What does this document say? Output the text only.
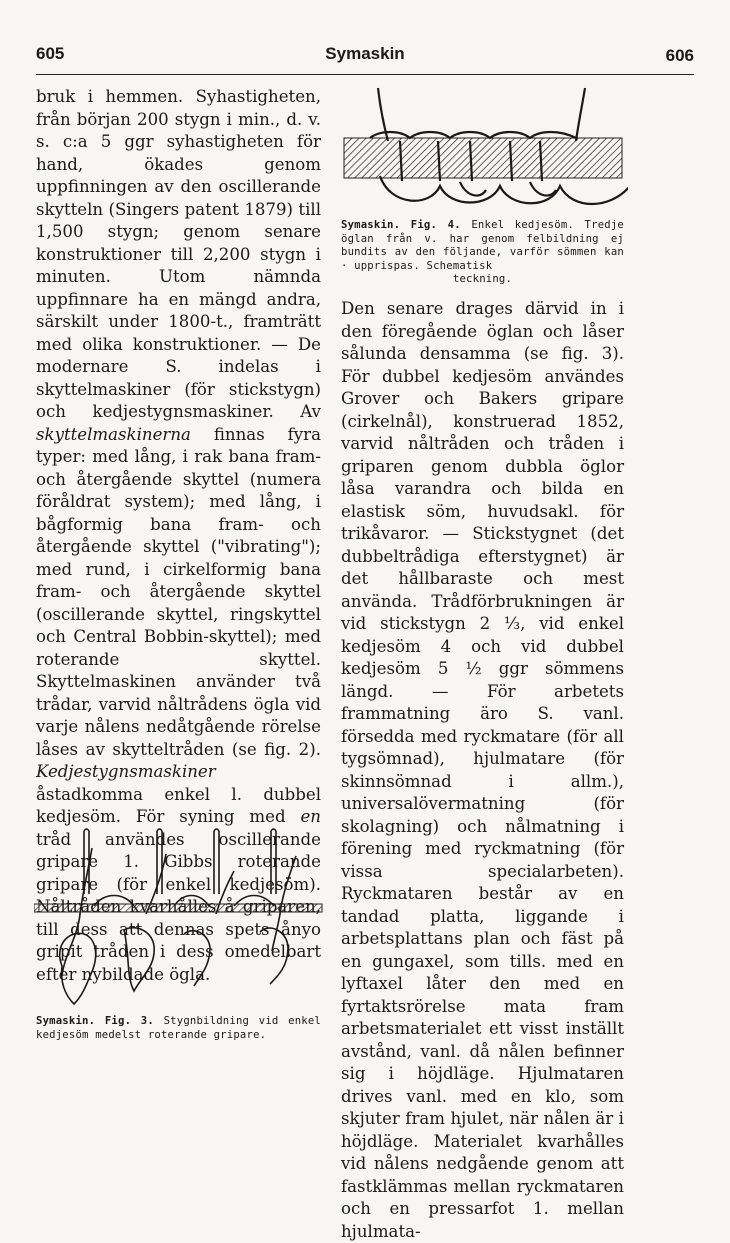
605	Symaskin	606

bruk i hemmen. Syhastigheten, från början 200 stygn i min., d. v. s. c:a 5 ggr syhastigheten för hand, ökades genom uppfinningen av den oscillerande skytteln (Singers patent 1879) till 1,500 stygn; genom senare konstruktioner till 2,200 stygn i minuten. Utom nämnda uppfinnare ha en mängd andra, särskilt under 1800-t., framträtt med olika konstruktioner. — De modernare S. indelas i skyttelmaskiner (för stickstygn) och kedjestygnsmaskiner. Av skyttelmaskinerna finnas fyra typer: med lång, i rak bana fram- och återgående skyttel (numera föråldrat system); med lång, i bågformig bana fram- och återgående skyttel ("vibrating"); med rund, i cirkelformig bana fram- och återgående skyttel (oscillerande skyttel, ringskyttel och Central Bobbin-skyttel); med roterande skyttel. Skyttelmaskinen använder två trådar, varvid nåltrådens ögla vid varje nålens nedåtgående rörelse låses av skytteltråden (se fig. 2). Kedjestygnsmaskiner åstadkomma enkel l. dubbel kedjesöm. För syning med en tråd användes oscillerande gripare 1. Gibbs roterande gripare (för enkel kedjesöm). till dess att dennas spets ånyo gripit tråden i dess omedelbart efter nybildade ögla.

Symaskin. Fig. 3. Stygnbildning vid enkel kedjesöm medelst roterande gripare.
Symaskin. Fig. 4. Enkel kedjesöm. Tredje öglan från v. har genom felbildning ej bundits av den följande, varför sömmen kan · upprispas. Schematisk
teckning.

Den senare drages därvid in i den föregående öglan och låser sålunda densamma (se fig. 3). För dubbel kedjesöm användes Grover och Bakers gripare (cirkelnål), konstruerad 1852, varvid nåltråden och tråden i griparen genom dubbla öglor låsa varandra och bilda en elastisk söm, huvudsakl. för trikåvaror. — Stickstygnet (det dubbeltrådiga efterstygnet) är det hållbaraste och mest använda. Trådförbrukningen är vid stickstygn 2 ⅓, vid enkel kedjesöm 4 och vid dubbel kedjesöm 5 ½ ggr sömmens längd. — För arbetets frammatning äro S. vanl. försedda med ryckmatare (för all tygsömnad), hjulmatare (för skinnsömnad i allm.), universalövermatning (för skolagning) och nålmatning i förening med ryckmatning (för vissa specialarbeten). Ryckmataren består av en tandad platta, liggande i arbetsplattans plan och fäst på en gungaxel, som tills. med en lyftaxel låter den med en fyrtaktsrörelse mata fram arbetsmaterialet ett visst inställt avstånd, vanl. då nålen befinner sig i höjdläge. Hjulmataren drives vanl. med en klo, som skjuter fram hjulet, när nålen är i höjdläge. Materialet kvarhålles vid nålens nedgående genom att fastklämmas mellan ryckmataren och en pressarfot 1. mellan hjulmata-
